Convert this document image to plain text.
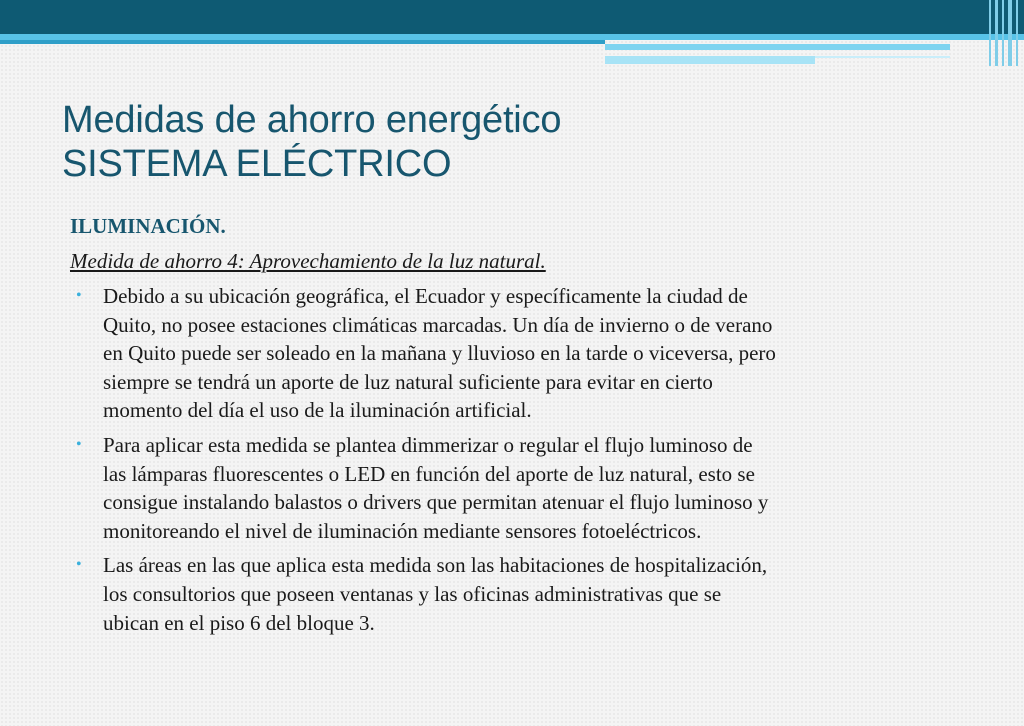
Medidas de ahorro energético
SISTEMA ELÉCTRICO
ILUMINACIÓN.
Medida de ahorro 4: Aprovechamiento de la luz natural.
• Debido a su ubicación geográfica, el Ecuador y específicamente la ciudad de
Quito, no posee estaciones climáticas marcadas. Un día de invierno o de verano
en Quito puede ser soleado en la mañana y lluvioso en la tarde o viceversa, pero
siempre se tendrá un aporte de luz natural suficiente para evitar en cierto
momento del día el uso de la iluminación artificial.
• Para aplicar esta medida se plantea dimmerizar o regular el flujo luminoso de
las lámparas fluorescentes o LED en función del aporte de luz natural, esto se
consigue instalando balastos o drivers que permitan atenuar el flujo luminoso y
monitoreando el nivel de iluminación mediante sensores fotoeléctricos.
• Las áreas en las que aplica esta medida son las habitaciones de hospitalización,
los consultorios que poseen ventanas y las oficinas administrativas que se
ubican en el piso 6 del bloque 3.
